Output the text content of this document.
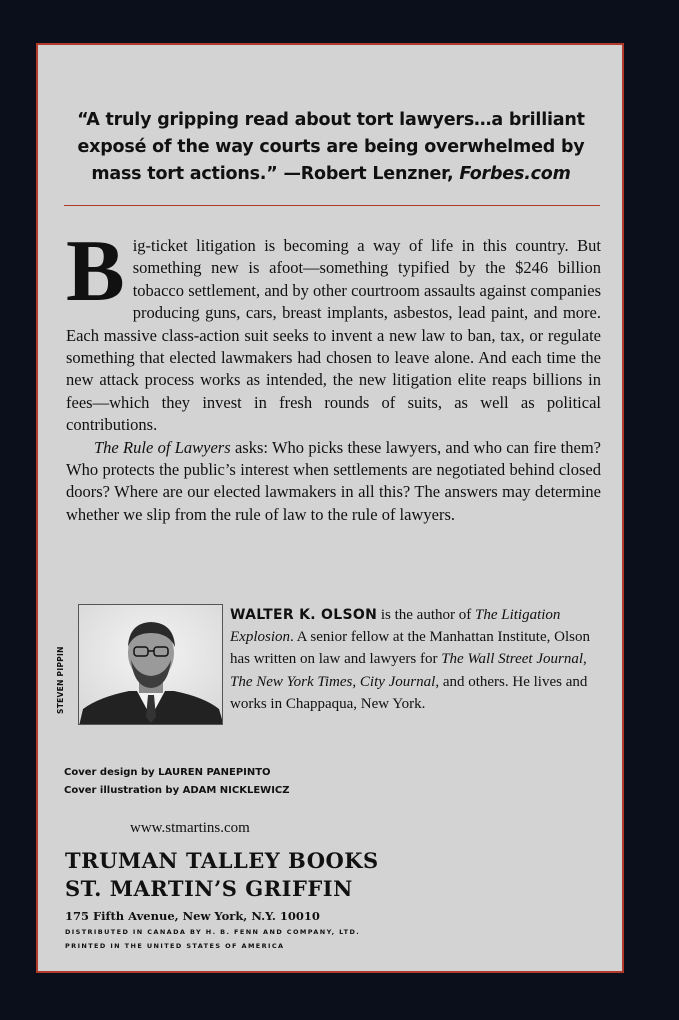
“A truly gripping read about tort lawyers…a brilliant exposé of the way courts are being overwhelmed by mass tort actions.” —Robert Lenzner, Forbes.com

Big-ticket litigation is becoming a way of life in this country. But something new is afoot—something typified by the $246 billion tobacco settlement, and by other courtroom assaults against companies producing guns, cars, breast implants, asbestos, lead paint, and more. Each massive class-action suit seeks to invent a new law to ban, tax, or regulate something that elected lawmakers had chosen to leave alone. And each time the new attack process works as intended, the new litigation elite reaps billions in fees—which they invest in fresh rounds of suits, as well as political contributions.

The Rule of Lawyers asks: Who picks these lawyers, and who can fire them? Who protects the public’s interest when settlements are negotiated behind closed doors? Where are our elected lawmakers in all this? The answers may determine whether we slip from the rule of law to the rule of lawyers.

STEVEN PIPPIN
WALTER K. OLSON is the author of The Litigation Explosion. A senior fellow at the Manhattan Institute, Olson has written on law and lawyers for The Wall Street Journal, The New York Times, City Journal, and others. He lives and works in Chappaqua, New York.
Cover design by LAUREN PANEPINTO
Cover illustration by ADAM NICKLEWICZ
www.stmartins.com
TRUMAN TALLEY BOOKS
ST. MARTIN’S GRIFFIN
175 Fifth Avenue, New York, N.Y. 10010
DISTRIBUTED IN CANADA BY H. B. FENN AND COMPANY, LTD.
PRINTED IN THE UNITED STATES OF AMERICA
